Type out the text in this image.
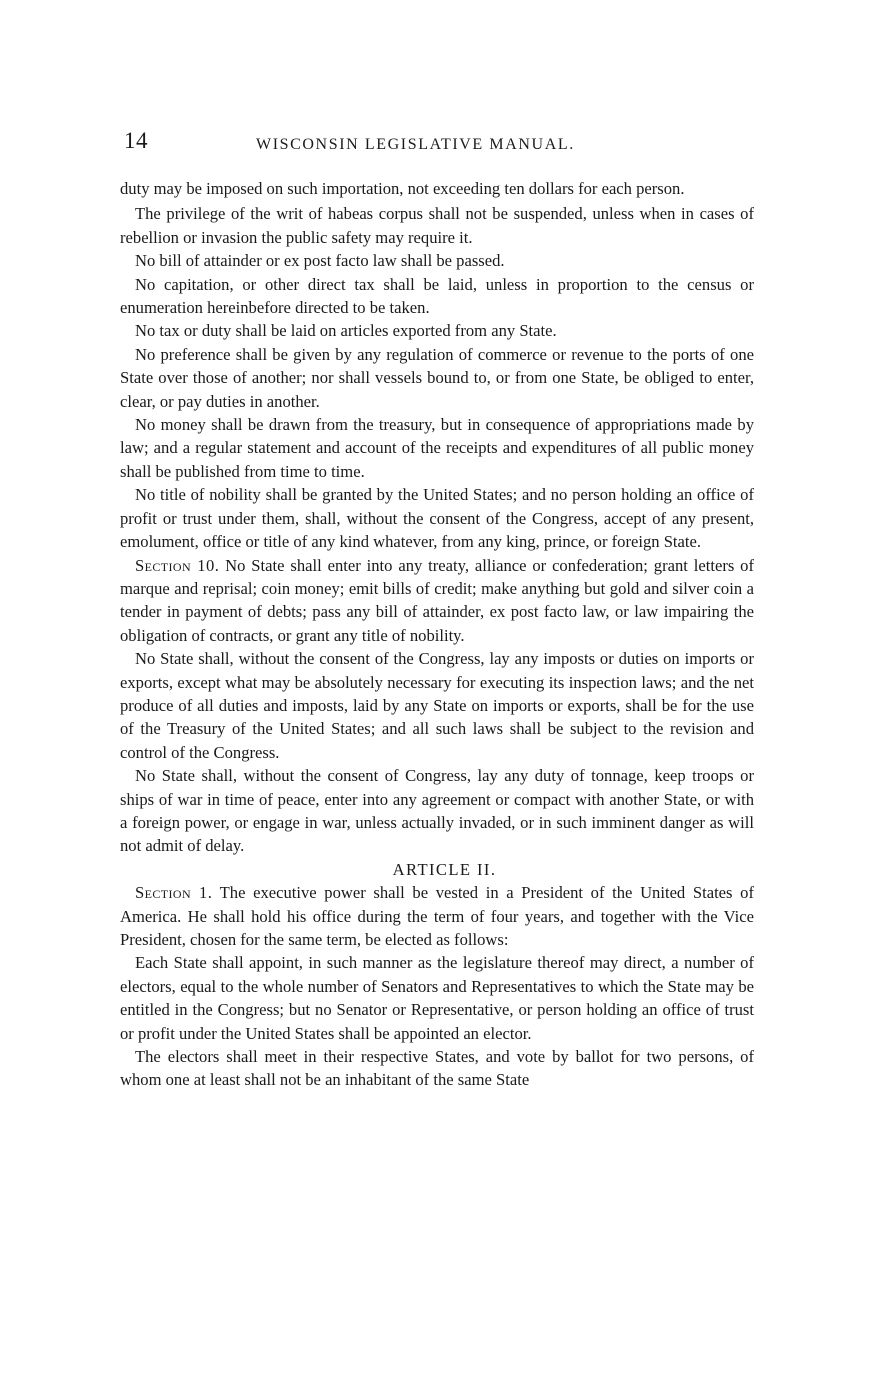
14	WISCONSIN LEGISLATIVE MANUAL.

duty may be imposed on such importation, not exceeding ten dollars for each person.

The privilege of the writ of habeas corpus shall not be suspended, unless when in cases of rebellion or invasion the public safety may require it.

No bill of attainder or ex post facto law shall be passed.

No capitation, or other direct tax shall be laid, unless in proportion to the census or enumeration hereinbefore directed to be taken.

No tax or duty shall be laid on articles exported from any State.

No preference shall be given by any regulation of commerce or revenue to the ports of one State over those of another; nor shall vessels bound to, or from one State, be obliged to enter, clear, or pay duties in another.

No money shall be drawn from the treasury, but in consequence of appropriations made by law; and a regular statement and account of the receipts and expenditures of all public money shall be published from time to time.

No title of nobility shall be granted by the United States; and no person holding an office of profit or trust under them, shall, without the consent of the Congress, accept of any present, emolument, office or title of any kind whatever, from any king, prince, or foreign State.

Section 10. No State shall enter into any treaty, alliance or confederation; grant letters of marque and reprisal; coin money; emit bills of credit; make anything but gold and silver coin a tender in payment of debts; pass any bill of attainder, ex post facto law, or law impairing the obligation of contracts, or grant any title of nobility.

No State shall, without the consent of the Congress, lay any imposts or duties on imports or exports, except what may be absolutely necessary for executing its inspection laws; and the net produce of all duties and imposts, laid by any State on imports or exports, shall be for the use of the Treasury of the United States; and all such laws shall be subject to the revision and control of the Congress.

No State shall, without the consent of Congress, lay any duty of tonnage, keep troops or ships of war in time of peace, enter into any agreement or compact with another State, or with a foreign power, or engage in war, unless actually invaded, or in such imminent danger as will not admit of delay.

ARTICLE II.

Section 1. The executive power shall be vested in a President of the United States of America. He shall hold his office during the term of four years, and together with the Vice President, chosen for the same term, be elected as follows:

Each State shall appoint, in such manner as the legislature thereof may direct, a number of electors, equal to the whole number of Senators and Representatives to which the State may be entitled in the Congress; but no Senator or Representative, or person holding an office of trust or profit under the United States shall be appointed an elector.

The electors shall meet in their respective States, and vote by ballot for two persons, of whom one at least shall not be an inhabitant of the same State
